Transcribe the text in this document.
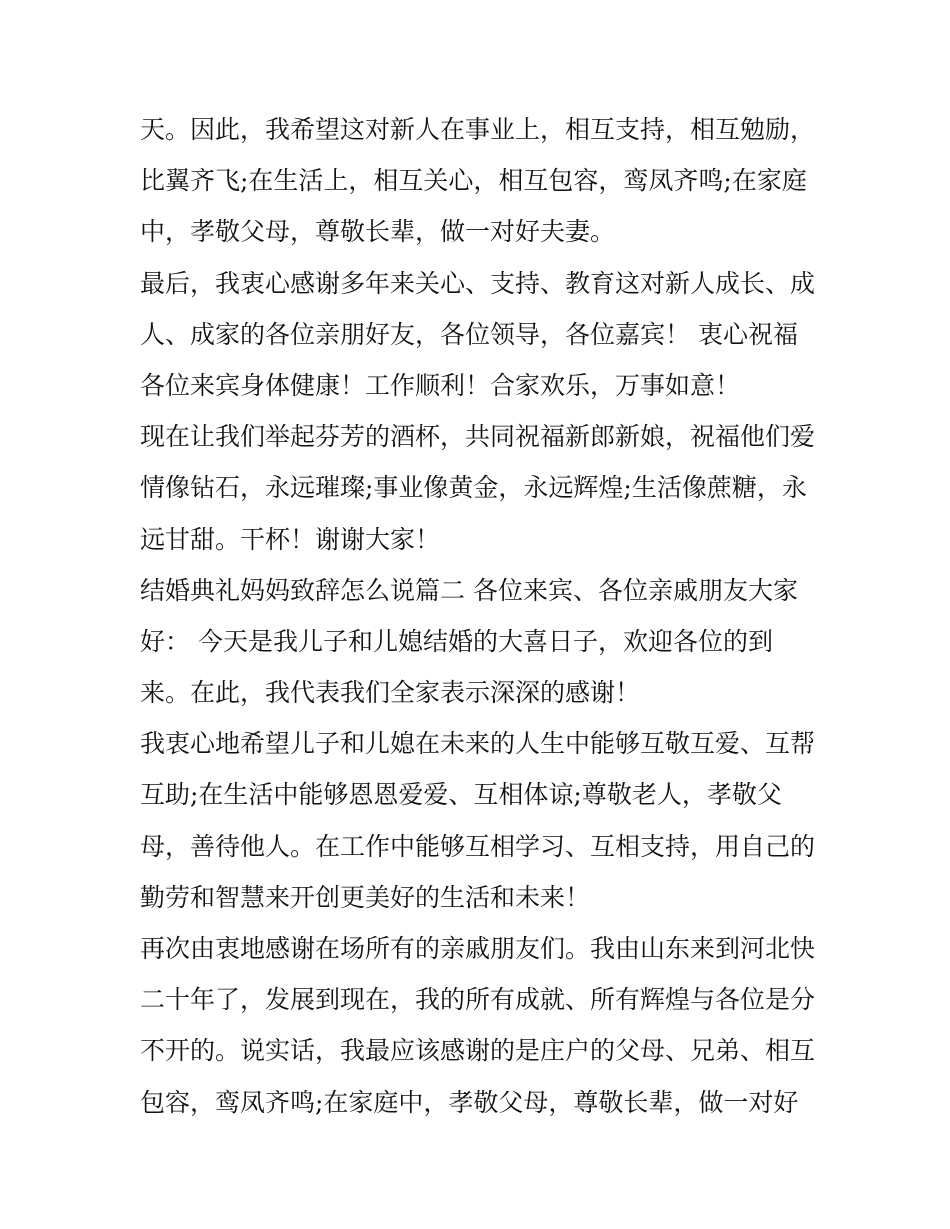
天。因此，我希望这对新人在事业上，相互支持，相互勉励，
比翼齐飞;在生活上，相互关心，相互包容，鸾凤齐鸣;在家庭
中，孝敬父母，尊敬长辈，做一对好夫妻。
最后，我衷心感谢多年来关心、支持、教育这对新人成长、成
人、成家的各位亲朋好友，各位领导，各位嘉宾！ 衷心祝福
各位来宾身体健康！工作顺利！合家欢乐，万事如意！
现在让我们举起芬芳的酒杯，共同祝福新郎新娘，祝福他们爱
情像钻石，永远璀璨;事业像黄金，永远辉煌;生活像蔗糖，永
远甘甜。干杯！谢谢大家！
结婚典礼妈妈致辞怎么说篇二 各位来宾、各位亲戚朋友大家
好： 今天是我儿子和儿媳结婚的大喜日子，欢迎各位的到
来。在此，我代表我们全家表示深深的感谢！
我衷心地希望儿子和儿媳在未来的人生中能够互敬互爱、互帮
互助;在生活中能够恩恩爱爱、互相体谅;尊敬老人，孝敬父
母，善待他人。在工作中能够互相学习、互相支持，用自己的
勤劳和智慧来开创更美好的生活和未来！
再次由衷地感谢在场所有的亲戚朋友们。我由山东来到河北快
二十年了，发展到现在，我的所有成就、所有辉煌与各位是分
不开的。说实话，我最应该感谢的是庄户的父母、兄弟、相互
包容，鸾凤齐鸣;在家庭中，孝敬父母，尊敬长辈，做一对好
